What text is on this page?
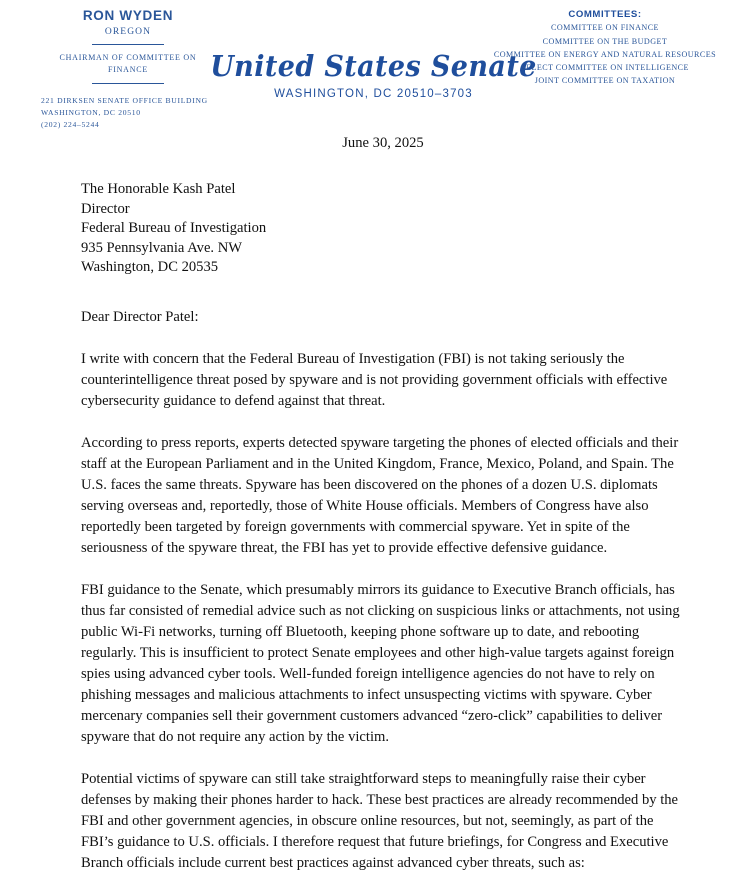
RON WYDEN
OREGON
CHAIRMAN OF COMMITTEE ON
FINANCE
221 DIRKSEN SENATE OFFICE BUILDING
WASHINGTON, DC 20510
(202) 224–5244
United States Senate
WASHINGTON, DC 20510–3703
COMMITTEES:
COMMITTEE ON FINANCE
COMMITTEE ON THE BUDGET
COMMITTEE ON ENERGY AND NATURAL RESOURCES
SELECT COMMITTEE ON INTELLIGENCE
JOINT COMMITTEE ON TAXATION
June 30, 2025
The Honorable Kash Patel
Director
Federal Bureau of Investigation
935 Pennsylvania Ave. NW
Washington, DC 20535
Dear Director Patel:

I write with concern that the Federal Bureau of Investigation (FBI) is not taking seriously the counterintelligence threat posed by spyware and is not providing government officials with effective cybersecurity guidance to defend against that threat.

According to press reports, experts detected spyware targeting the phones of elected officials and their staff at the European Parliament and in the United Kingdom, France, Mexico, Poland, and Spain. The U.S. faces the same threats. Spyware has been discovered on the phones of a dozen U.S. diplomats serving overseas and, reportedly, those of White House officials. Members of Congress have also reportedly been targeted by foreign governments with commercial spyware. Yet in spite of the seriousness of the spyware threat, the FBI has yet to provide effective defensive guidance.

FBI guidance to the Senate, which presumably mirrors its guidance to Executive Branch officials, has thus far consisted of remedial advice such as not clicking on suspicious links or attachments, not using public Wi-Fi networks, turning off Bluetooth, keeping phone software up to date, and rebooting regularly. This is insufficient to protect Senate employees and other high-value targets against foreign spies using advanced cyber tools. Well-funded foreign intelligence agencies do not have to rely on phishing messages and malicious attachments to infect unsuspecting victims with spyware. Cyber mercenary companies sell their government customers advanced “zero-click” capabilities to deliver spyware that do not require any action by the victim.

Potential victims of spyware can still take straightforward steps to meaningfully raise their cyber defenses by making their phones harder to hack. These best practices are already recommended by the FBI and other government agencies, in obscure online resources, but not, seemingly, as part of the FBI’s guidance to U.S. officials. I therefore request that future briefings, for Congress and Executive Branch officials include current best practices against advanced cyber threats, such as:
